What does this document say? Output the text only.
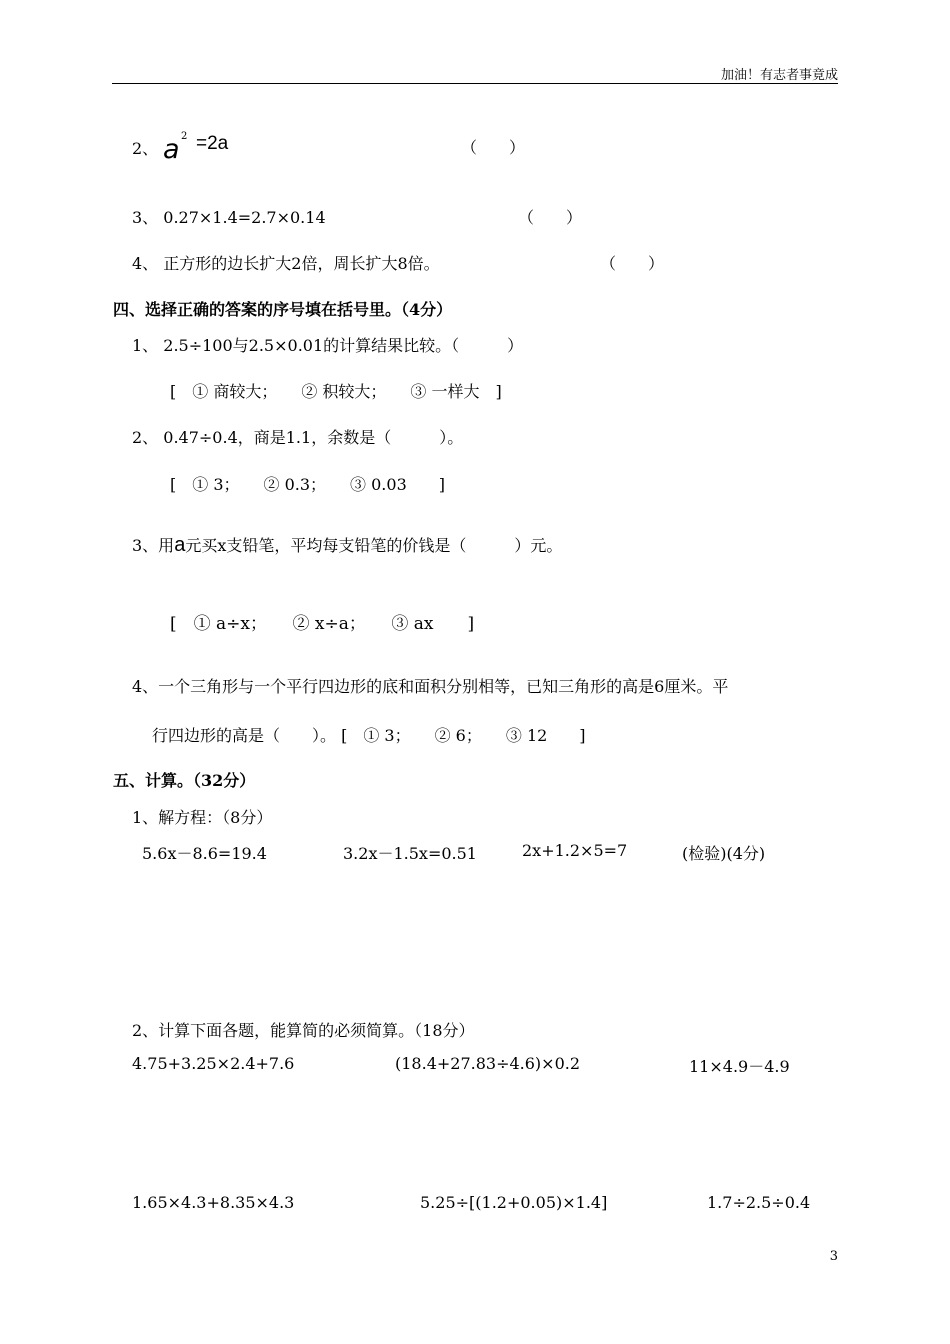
加油！有志者事竟成
2、 a 2 =2a	（　　）
3、 0.27×1.4=2.7×0.14	（　　）
4、 正方形的边长扩大2倍，周长扩大8倍。	（　　）
四、选择正确的答案的序号填在括号里。（4分）
1、 2.5÷100与2.5×0.01的计算结果比较。（　　　）
[　① 商较大；　　② 积较大；　　③ 一样大　]
2、 0.47÷0.4，商是1.1，余数是（　　　）。
[　① 3；　　② 0.3；　　③ 0.03　　]
3、用a元买x支铅笔，平均每支铅笔的价钱是（　　　）元。
[　① a÷x；　　② x÷a；　　③ ax　　]
4、一个三角形与一个平行四边形的底和面积分别相等，已知三角形的高是6厘米。平
行四边形的高是（　　）。 [　① 3；　　② 6；　　③ 12　　]
五、计算。（32分）
1、解方程：（8分）
5.6x－8.6=19.4	3.2x－1.5x=0.51	2x+1.2×5=7	(检验)(4分)
2、计算下面各题，能算简的必须简算。（18分）
4.75+3.25×2.4+7.6	(18.4+27.83÷4.6)×0.2	11×4.9－4.9
1.65×4.3+8.35×4.3	5.25÷[(1.2+0.05)×1.4]	1.7÷2.5÷0.4
3
